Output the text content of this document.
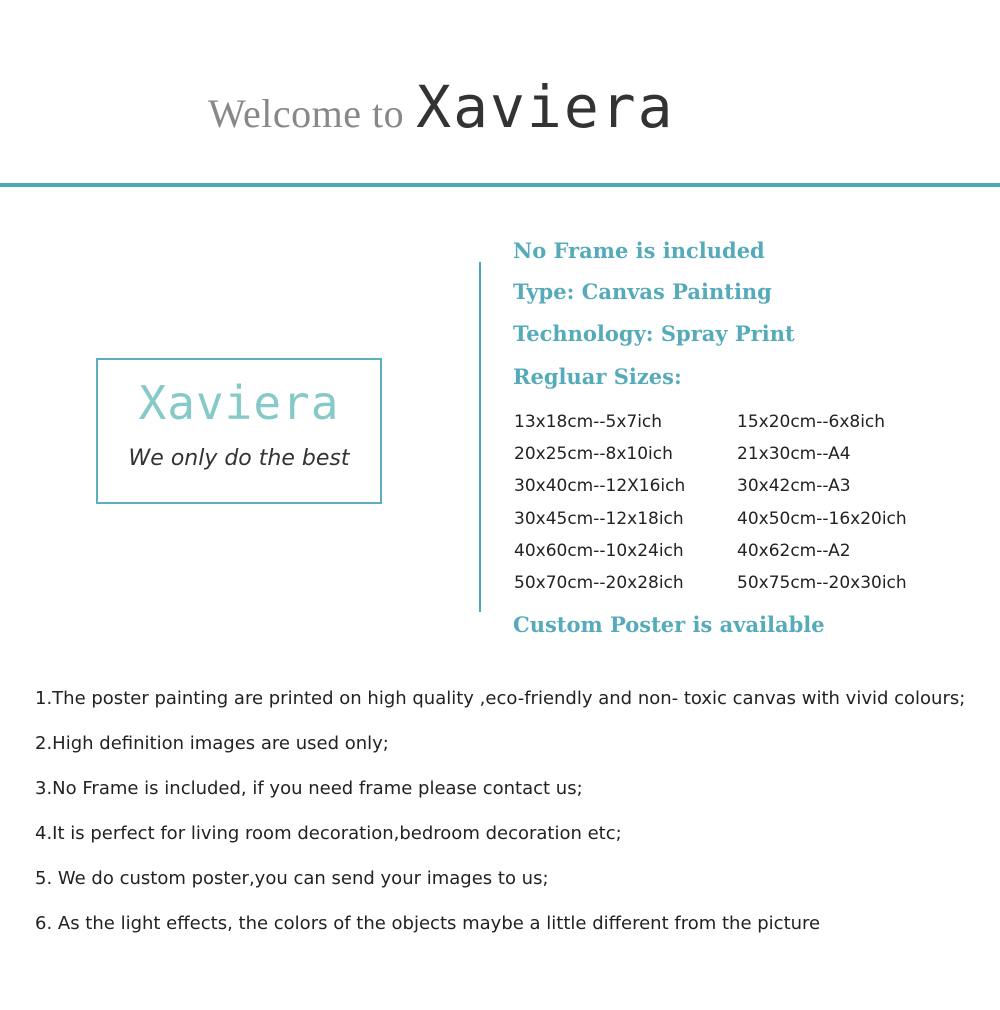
Welcome to Xaviera
Xaviera
We only do the best
No Frame is included
Type: Canvas Painting
Technology: Spray Print
Regluar Sizes:
13x18cm--5x7ich	15x20cm--6x8ich
20x25cm--8x10ich	21x30cm--A4
30x40cm--12X16ich	30x42cm--A3
30x45cm--12x18ich	40x50cm--16x20ich
40x60cm--10x24ich	40x62cm--A2
50x70cm--20x28ich	50x75cm--20x30ich
Custom Poster is available
1.The poster painting are printed on high quality ,eco-friendly and non- toxic canvas with vivid colours;
2.High definition images are used only;
3.No Frame is included, if you need frame please contact us;
4.It is perfect for living room decoration,bedroom decoration etc;
5. We do custom poster,you can send your images to us;
6. As the light effects, the colors of the objects maybe a little different from the picture
